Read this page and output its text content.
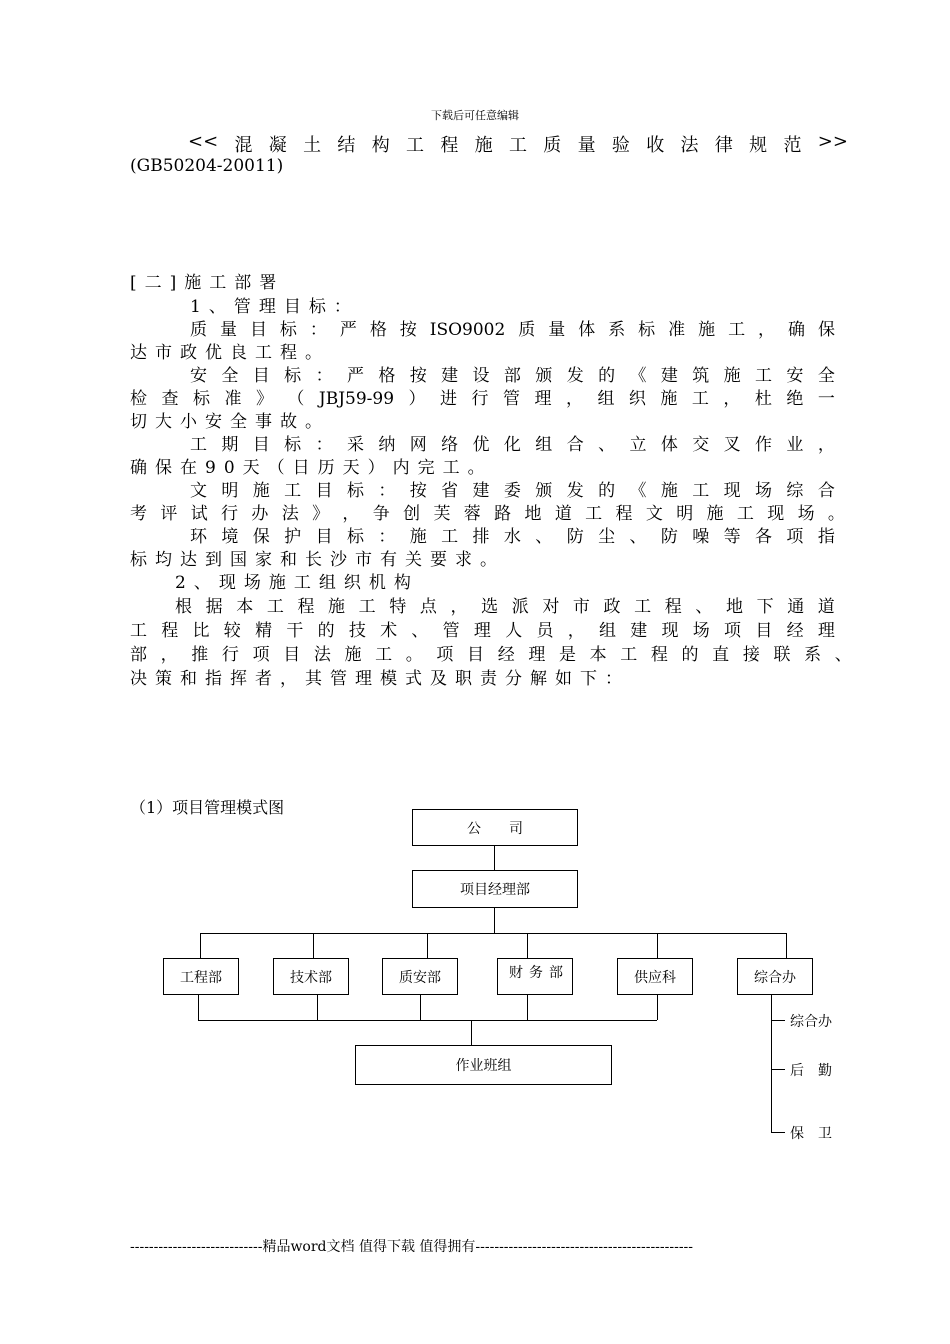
下载后可任意编辑
<< 混 凝 土 结 构 工 程 施 工 质 量 验 收 法 律 规 范 >>
(GB50204-20011)
[二]施工部署
1、管理目标：
质 量 目 标 ： 严 格 按 ISO9002 质 量 体 系 标 准 施 工 ， 确 保
达市政优良工程。
安 全 目 标 ： 严 格 按 建 设 部 颁 发 的 《 建 筑 施 工 安 全
检 查 标 准 》 （ JBJ59-99 ） 进 行 管 理 ， 组 织 施 工 ， 杜 绝 一
切大小安全事故。
工 期 目 标 ： 采 纳 网 络 优 化 组 合 、 立 体 交 叉 作 业 ，
确保在90天（日历天）内完工。
文 明 施 工 目 标 ： 按 省 建 委 颁 发 的 《 施 工 现 场 综 合
考 评 试 行 办 法 》 ， 争 创 芙 蓉 路 地 道 工 程 文 明 施 工 现 场 。
环 境 保 护 目 标 ： 施 工 排 水 、 防 尘 、 防 噪 等 各 项 指
标均达到国家和长沙市有关要求。
2、现场施工组织机构
根 据 本 工 程 施 工 特 点 ， 选 派 对 市 政 工 程 、 地 下 通 道
工 程 比 较 精 干 的 技 术 、 管 理 人 员 ， 组 建 现 场 项 目 经 理
部 ， 推 行 项 目 法 施 工 。 项 目 经 理 是 本 工 程 的 直 接 联 系 、
决策和指挥者，其管理模式及职责分解如下：
（1）项目管理模式图
公　　司
项目经理部
工程部	技术部	质安部	财务部	供应科	综合办
作业班组
综合办
后　勤
保　卫
----------------------------精品word文档 值得下载 值得拥有----------------------------------------------
